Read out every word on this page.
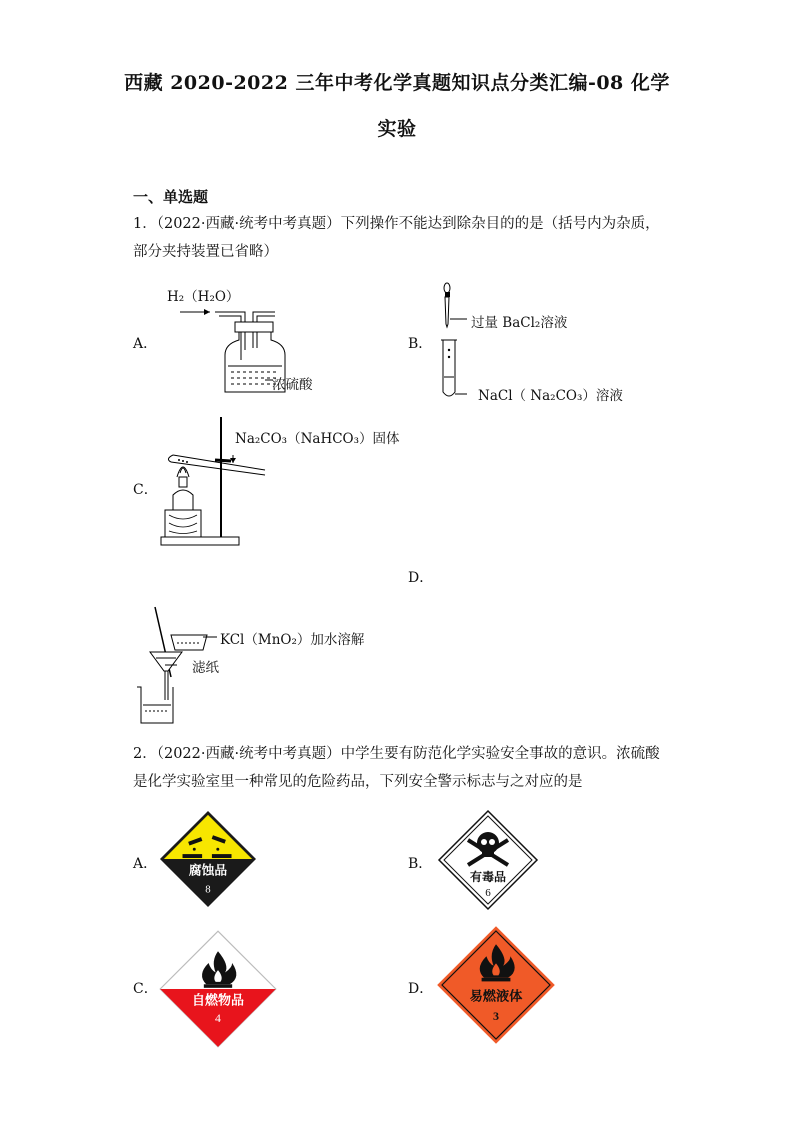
西藏 2020-2022 三年中考化学真题知识点分类汇编-08 化学
实验
一、单选题
1．（2022·西藏·统考中考真题）下列操作不能达到除杂目的的是（括号内为杂质，部分夹持装置已省略）
A．
H₂（H₂O）
浓硫酸
B．
过量 BaCl₂溶液
NaCl（ Na₂CO₃）溶液
C．
Na₂CO₃（NaHCO₃）固体
D．
KCl（MnO₂）加水溶解
滤纸
2．（2022·西藏·统考中考真题）中学生要有防范化学实验安全事故的意识。浓硫酸是化学实验室里一种常见的危险药品，下列安全警示标志与之对应的是
A． 腐蚀品
8
B．
有毒品
6
C．
自燃物品
4
D．
易燃液体
3
